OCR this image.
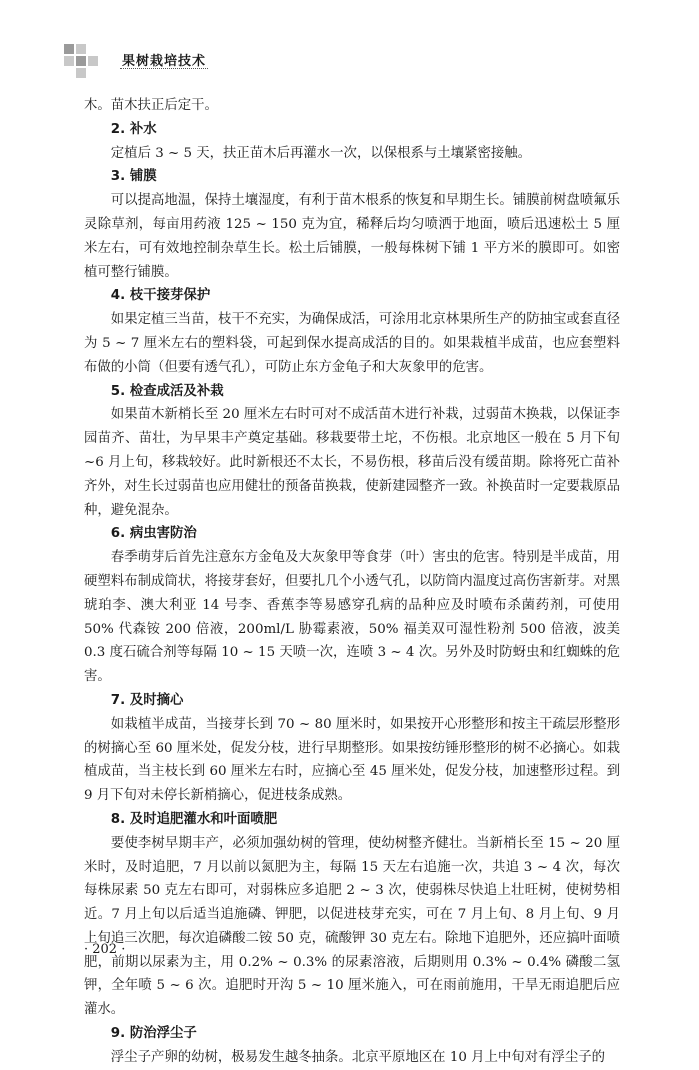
果树栽培技术

木。苗木扶正后定干。

2. 补水

定植后 3 ~ 5 天，扶正苗木后再灌水一次，以保根系与土壤紧密接触。

3. 铺膜

可以提高地温，保持土壤湿度，有利于苗木根系的恢复和早期生长。铺膜前树盘喷氟乐灵除草剂，每亩用药液 125 ~ 150 克为宜，稀释后均匀喷洒于地面，喷后迅速松土 5 厘米左右，可有效地控制杂草生长。松土后铺膜，一般每株树下铺 1 平方米的膜即可。如密植可整行铺膜。

4. 枝干接芽保护

如果定植三当苗，枝干不充实，为确保成活，可涂用北京林果所生产的防抽宝或套直径为 5 ~ 7 厘米左右的塑料袋，可起到保水提高成活的目的。如果栽植半成苗，也应套塑料布做的小筒（但要有透气孔），可防止东方金龟子和大灰象甲的危害。

5. 检查成活及补栽

如果苗木新梢长至 20 厘米左右时可对不成活苗木进行补栽，过弱苗木换栽，以保证李园苗齐、苗壮，为早果丰产奠定基础。移栽要带土坨，不伤根。北京地区一般在 5 月下旬 ~6 月上旬，移栽较好。此时新根还不太长，不易伤根，移苗后没有缓苗期。除将死亡苗补齐外，对生长过弱苗也应用健壮的预备苗换栽，使新建园整齐一致。补换苗时一定要栽原品种，避免混杂。

6. 病虫害防治

春季萌芽后首先注意东方金龟及大灰象甲等食芽（叶）害虫的危害。特别是半成苗，用硬塑料布制成筒状，将接芽套好，但要扎几个小透气孔，以防筒内温度过高伤害新芽。对黑琥珀李、澳大利亚 14 号李、香蕉李等易感穿孔病的品种应及时喷布杀菌药剂，可使用 50% 代森铵 200 倍液，200ml/L 胁霉素液，50% 福美双可湿性粉剂 500 倍液，波美 0.3 度石硫合剂等每隔 10 ~ 15 天喷一次，连喷 3 ~ 4 次。另外及时防蚜虫和红蜘蛛的危害。

7. 及时摘心

如栽植半成苗，当接芽长到 70 ~ 80 厘米时，如果按开心形整形和按主干疏层形整形的树摘心至 60 厘米处，促发分枝，进行早期整形。如果按纺锤形整形的树不必摘心。如栽植成苗，当主枝长到 60 厘米左右时，应摘心至 45 厘米处，促发分枝，加速整形过程。到 9 月下旬对未停长新梢摘心，促进枝条成熟。

8. 及时追肥灌水和叶面喷肥

要使李树早期丰产，必须加强幼树的管理，使幼树整齐健壮。当新梢长至 15 ~ 20 厘米时，及时追肥，7 月以前以氮肥为主，每隔 15 天左右追施一次，共追 3 ~ 4 次，每次每株尿素 50 克左右即可，对弱株应多追肥 2 ~ 3 次，使弱株尽快追上壮旺树，使树势相近。7 月上旬以后适当追施磷、钾肥，以促进枝芽充实，可在 7 月上旬、8 月上旬、9 月上旬追三次肥，每次追磷酸二铵 50 克，硫酸钾 30 克左右。除地下追肥外，还应搞叶面喷肥，前期以尿素为主，用 0.2% ~ 0.3% 的尿素溶液，后期则用 0.3% ~ 0.4% 磷酸二氢钾，全年喷 5 ~ 6 次。追肥时开沟 5 ~ 10 厘米施入，可在雨前施用，干旱无雨追肥后应灌水。

9. 防治浮尘子

浮尘子产卵的幼树，极易发生越冬抽条。北京平原地区在 10 月上中旬对有浮尘子的

· 202 ·
